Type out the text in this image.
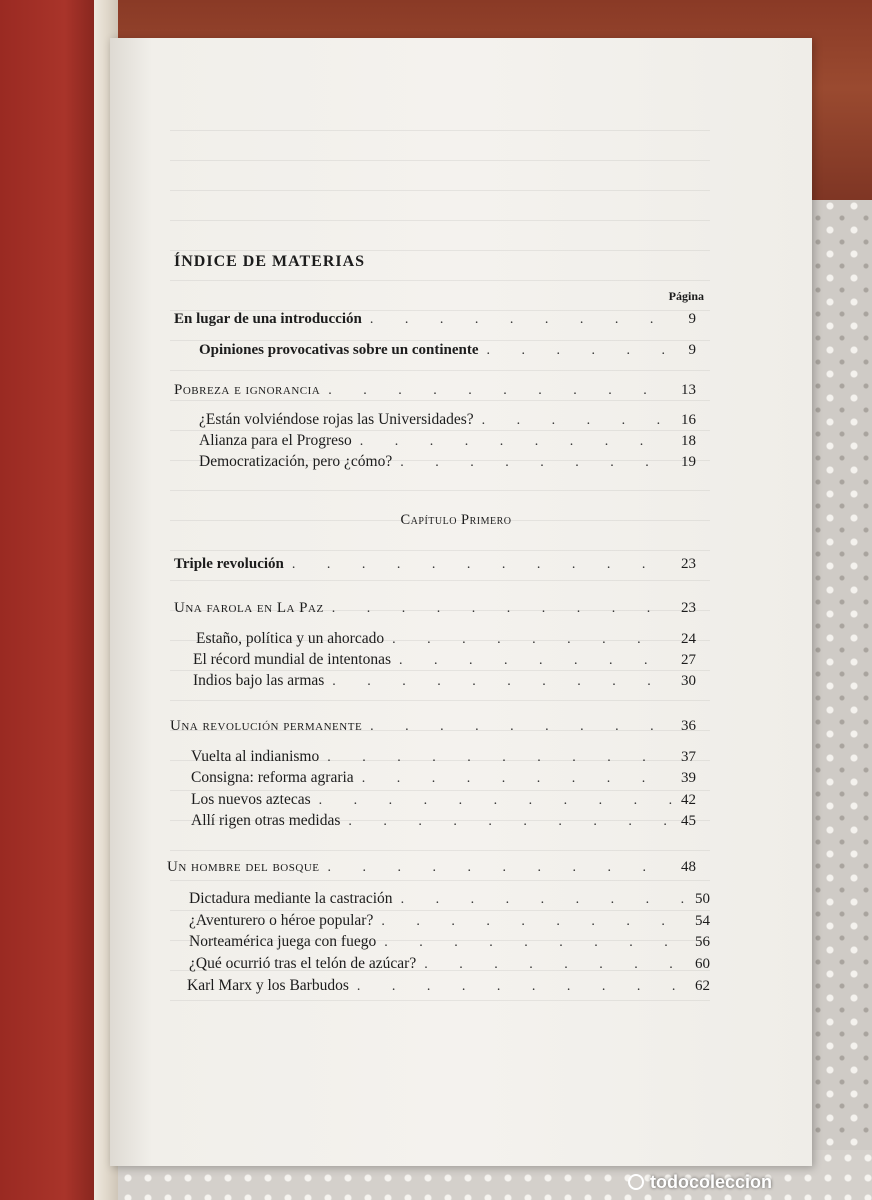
ÍNDICE DE MATERIAS
Página
En lugar de una introducción . . .	9
Opiniones provocativas sobre un continente . . .	9
Pobreza e ignorancia . . .	13
¿Están volviéndose rojas las Universidades? . . .	16
Alianza para el Progreso . . .	18
Democratización, pero ¿cómo? . . .	19
Capítulo Primero
Triple revolución . . .	23
Una farola en La Paz . . .	23
Estaño, política y un ahorcado . . .	24
El récord mundial de intentonas . . .	27
Indios bajo las armas . . .	30
Una revolución permanente . . .	36
Vuelta al indianismo . . .	37
Consigna: reforma agraria . . .	39
Los nuevos aztecas . . .	42
Allí rigen otras medidas . . .	45
Un hombre del bosque . . .	48
Dictadura mediante la castración . . .	50
¿Aventurero o héroe popular? . . .	54
Norteamérica juega con fuego . . .	56
¿Qué ocurrió tras el telón de azúcar? . . .	60
Karl Marx y los Barbudos . . .	62
todocoleccion
